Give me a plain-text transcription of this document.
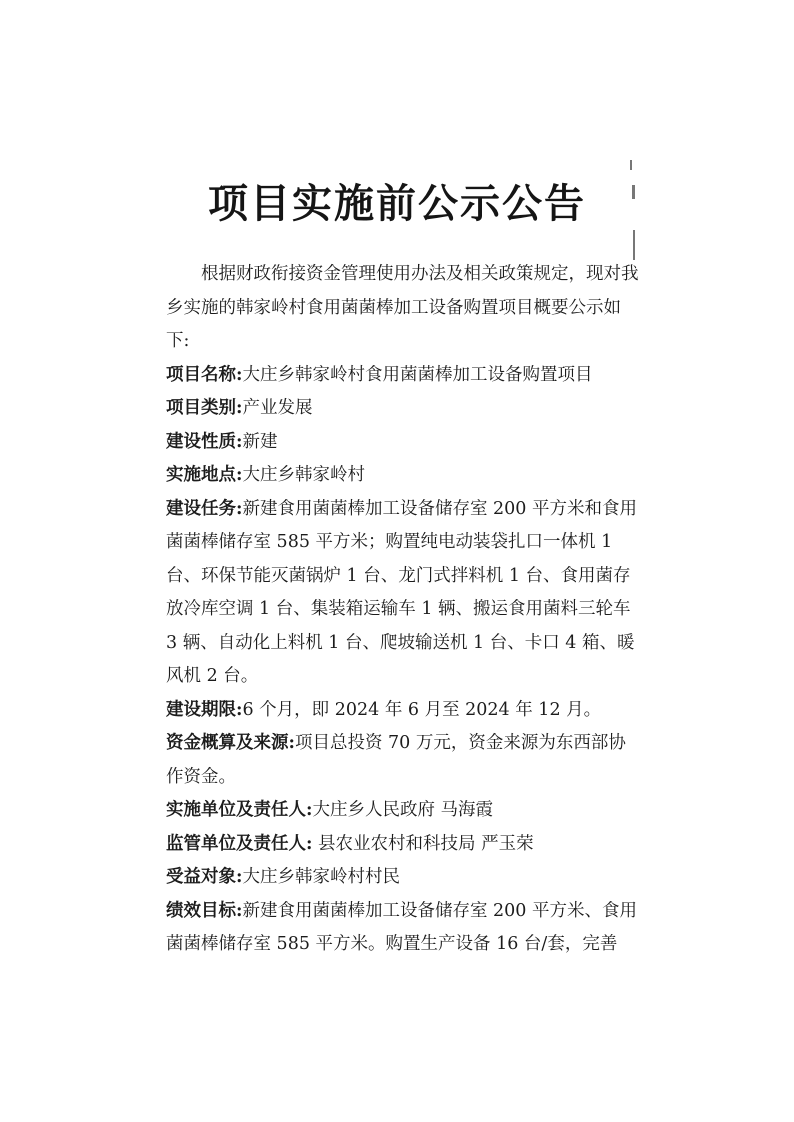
项目实施前公示公告

根据财政衔接资金管理使用办法及相关政策规定，现对我乡实施的韩家岭村食用菌菌棒加工设备购置项目概要公示如下:

项目名称:大庄乡韩家岭村食用菌菌棒加工设备购置项目

项目类别:产业发展

建设性质:新建

实施地点:大庄乡韩家岭村

建设任务:新建食用菌菌棒加工设备储存室 200 平方米和食用菌菌棒储存室 585 平方米；购置纯电动装袋扎口一体机 1 台、环保节能灭菌锅炉 1 台、龙门式拌料机 1 台、食用菌存放冷库空调 1 台、集装箱运输车 1 辆、搬运食用菌料三轮车 3 辆、自动化上料机 1 台、爬坡输送机 1 台、卡口 4 箱、暖风机 2 台。

建设期限:6 个月，即 2024 年 6 月至 2024 年 12 月。

资金概算及来源:项目总投资 70 万元，资金来源为东西部协作资金。

实施单位及责任人:大庄乡人民政府 马海霞

监管单位及责任人: 县农业农村和科技局 严玉荣

受益对象:大庄乡韩家岭村村民

绩效目标:新建食用菌菌棒加工设备储存室 200 平方米、食用菌菌棒储存室 585 平方米。购置生产设备 16 台/套，完善
